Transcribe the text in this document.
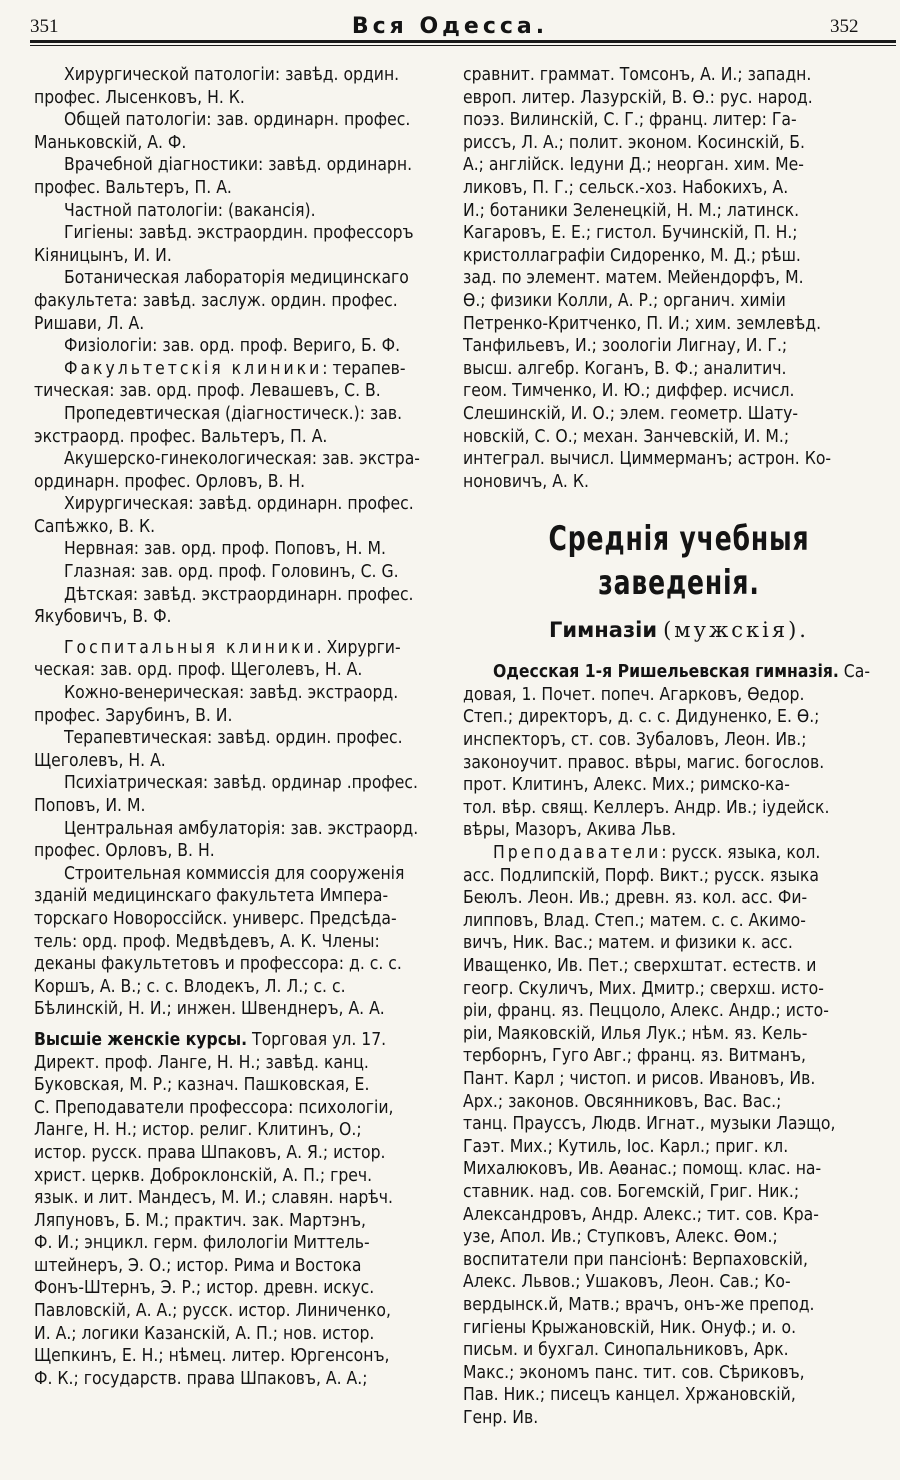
351	Вся Одесса.	352

Хирургической патологiи: завѣд. ордин.
профес. Лысенковъ, Н. К.

Общей патологiи: зав. ординарн. профес.
Маньковскiй, А. Ф.

Врачебной дiагностики: завѣд. ординарн.
профес. Вальтеръ, П. А.

Частной патологiи: (вакансiя).

Гигiены: завѣд. экстраордин. профессоръ
Кiяницынъ, И. И.

Ботаническая лабораторiя медицинскаго
факультета: завѣд. заслуж. ордин. профес.
Ришави, Л. А.

Физiологiи: зав. орд. проф. Вериго, Б. Ф.

Факультетскiя клиники: терапев-
тическая: зав. орд. проф. Левашевъ, С. В.

Пропедевтическая (дiагностическ.): зав.
экстраорд. профес. Вальтеръ, П. А.

Акушерско-гинекологическая: зав. экстра-
ординарн. профес. Орловъ, В. Н.

Хирургическая: завѣд. ординарн. профес.
Сапѣжко, В. К.

Нервная: зав. орд. проф. Поповъ, Н. М.

Глазная: зав. орд. проф. Головинъ, С. G.

Дѣтская: завѣд. экстраординарн. профес.
Якубовичъ, В. Ф.

Госпитальныя клиники. Хирурги-
ческая: зав. орд. проф. Щеголевъ, Н. А.

Кожно-венерическая: завѣд. экстраорд.
профес. Зарубинъ, В. И.

Терапевтическая: завѣд. ордин. профес.
Щеголевъ, Н. А.

Психiатрическая: завѣд. ординар .профес.
Поповъ, И. М.

Центральная амбулаторiя: зав. экстраорд.
профес. Орловъ, В. Н.

Строительная коммиссiя для сооруженiя
зданiй медицинскаго факультета Импера-
торскаго Новороссiйск. универс. Предсѣда-
тель: орд. проф. Медвѣдевъ, А. К. Члены:
деканы факультетовъ и профессора: д. с. с.
Коршъ, А. В.; с. с. Влодекъ, Л. Л.; с. с.
Бѣлинскiй, Н. И.; инжен. Швенднеръ, А. А.

Высшiе женскiе курсы. Торговая ул. 17.
Директ. проф. Ланге, Н. Н.; завѣд. канц.
Буковская, М. Р.; казнач. Пашковская, Е.
С. Преподаватели профессора: психологiи,
Ланге, Н. Н.; истор. религ. Клитинъ, О.;
истор. русск. права Шпаковъ, А. Я.; истор.
христ. церкв. Доброклонскiй, А. П.; греч.
язык. и лит. Мандесъ, М. И.; славян. нарѣч.
Ляпуновъ, Б. М.; практич. зак. Мартэнъ,
Ф. И.; энцикл. герм. филологiи Миттель-
штейнеръ, Э. О.; истор. Рима и Востока
Фонъ-Штернъ, Э. Р.; истор. древн. искус.
Павловскiй, А. А.; русск. истор. Линиченко,
И. А.; логики Казанскiй, А. П.; нов. истор.
Щепкинъ, Е. Н.; нѣмец. литер. Юргенсонъ,
Ф. К.; государств. права Шпаковъ, А. А.;

сравнит. граммат. Томсонъ, А. И.; западн.
европ. литер. Лазурскiй, В. Ө.: рус. народ.
поэз. Вилинскiй, С. Г.; франц. литер: Га-
риссъ, Л. А.; полит. эконом. Косинскiй, Б.
А.; англiйск. Iедуни Д.; неорган. хим. Ме-
ликовъ, П. Г.; сельск.-хоз. Набокихъ, А.
И.; ботаники Зеленецкiй, Н. М.; латинск.
Кагаровъ, Е. Е.; гистол. Бучинскiй, П. Н.;
кристоллаграфiи Сидоренко, М. Д.; рѣш.
зад. по элемент. матем. Мейендорфъ, М.
Ө.; физики Колли, А. Р.; органич. химiи
Петренко-Критченко, П. И.; хим. землевѣд.
Танфильевъ, И.; зоологiи Лигнау, И. Г.;
высш. алгебр. Коганъ, В. Ф.; аналитич.
геом. Тимченко, И. Ю.; диффер. исчисл.
Слешинскiй, И. О.; элем. геометр. Шату-
новскiй, С. О.; механ. Занчевскiй, И. М.;
интеграл. вычисл. Циммерманъ; астрон. Ко-
ноновичъ, А. К.
Среднiя учебныя заведенiя.
Гимназiи (мужскiя).

Одесская 1-я Ришельевская гимназiя. Са-
довая, 1. Почет. попеч. Агарковъ, Өедор.
Степ.; директоръ, д. с. с. Дидуненко, Е. Ө.;
инспекторъ, ст. сов. Зубаловъ, Леон. Ив.;
законоучит. правос. вѣры, магис. богослов.
прот. Клитинъ, Алекс. Мих.; римско-ка-
тол. вѣр. свящ. Келлеръ. Андр. Ив.; iудейск.
вѣры, Мазоръ, Акива Льв.

Преподаватели: русск. языка, кол.
асс. Подлипскiй, Порф. Викт.; русск. языка
Беюлъ. Леон. Ив.; древн. яз. кол. асс. Фи-
липповъ, Влад. Степ.; матем. с. с. Акимо-
вичъ, Ник. Вас.; матем. и физики к. асс.
Иващенко, Ив. Пет.; сверхштат. естеств. и
геогр. Скуличъ, Мих. Дмитр.; сверхш. исто-
рiи, франц. яз. Пеццоло, Алекс. Андр.; исто-
рiи, Маяковскiй, Илья Лук.; нѣм. яз. Кель-
терборнъ, Гуго Авг.; франц. яз. Витманъ,
Пант. Карл ; чистоп. и рисов. Ивановъ, Ив.
Арх.; законов. Овсянниковъ, Вас. Вас.;
танц. Праусcъ, Людв. Игнат., музыки Лаэщо,
Гаэт. Мих.; Кутиль, Iос. Карл.; приг. кл.
Михалюковъ, Ив. Аөанас.; помощ. клас. на-
ставник. над. сов. Богемскiй, Григ. Ник.;
Александровъ, Андр. Алекс.; тит. сов. Кра-
узе, Апол. Ив.; Ступковъ, Алекс. Өом.;
воспитатели при пансiонѣ: Верпаховскiй,
Алекс. Львов.; Ушаковъ, Леон. Сав.; Ко-
вердынск.й, Матв.; врачъ, онъ-же препод.
гигiены Крыжановскiй, Ник. Онуф.; и. о.
письм. и бухгал. Синопальниковъ, Арк.
Макс.; экономъ панс. тит. сов. Сѣриковъ,
Пав. Ник.; писецъ канцел. Хржановскiй,
Генр. Ив.
